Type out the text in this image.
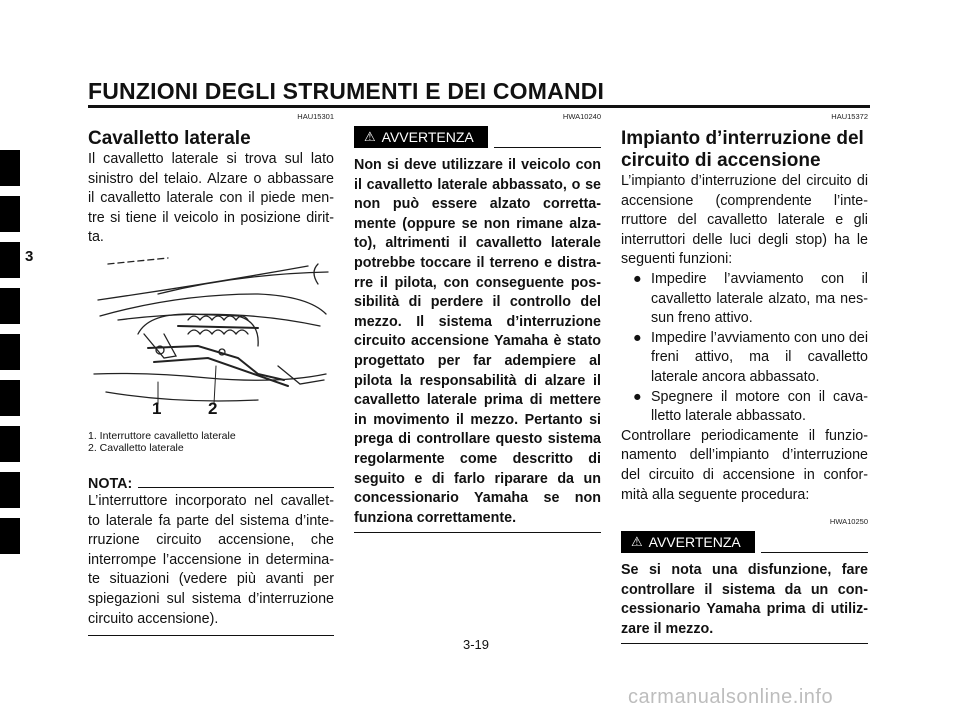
FUNZIONI DEGLI STRUMENTI E DEI COMANDI
3
HAU15301
Cavalletto laterale

Il cavalletto laterale si trova sul lato sinistro del telaio. Alzare o abbassare il cavalletto laterale con il piede men- tre si tiene il veicolo in posizione dirit- ta.

1	2
1. Interruttore cavalletto laterale
2. Cavalletto laterale
NOTA:

L’interruttore incorporato nel cavallet- to laterale fa parte del sistema d’inte- rruzione circuito accensione, che interrompe l’accensione in determina- te situazioni (vedere più avanti per spiegazioni sul sistema d’interruzione circuito accensione).

HWA10240
⚠ AVVERTENZA

Non si deve utilizzare il veicolo con il cavalletto laterale abbassato, o se non può essere alzato corretta- mente (oppure se non rimane alza- to), altrimenti il cavalletto laterale potrebbe toccare il terreno e distra- rre il pilota, con conseguente pos- sibilità di perdere il controllo del mezzo. Il sistema d’interruzione circuito accensione Yamaha è stato progettato per far adempiere al pilota la responsabilità di alzare il cavalletto laterale prima di mettere in movimento il mezzo. Pertanto si prega di controllare questo sistema regolarmente come descritto di seguito e di farlo riparare da un concessionario Yamaha se non funziona correttamente.

HAU15372
Impianto d’interruzione del circuito di accensione

L’impianto d’interruzione del circuito di accensione (comprendente l’inte- rruttore del cavalletto laterale e gli interruttori delle luci degli stop) ha le seguenti funzioni:

● Impedire l’avviamento con il cavalletto laterale alzato, ma nes- sun freno attivo.
● Impedire l’avviamento con uno dei freni attivo, ma il cavalletto laterale ancora abbassato.
● Spegnere il motore con il cava- lletto laterale abbassato.

Controllare periodicamente il funzio- namento dell’impianto d’interruzione del circuito di accensione in confor- mità alla seguente procedura:

HWA10250
⚠ AVVERTENZA

Se si nota una disfunzione, fare controllare il sistema da un con- cessionario Yamaha prima di utiliz- zare il mezzo.

3-19
carmanualsonline.info
